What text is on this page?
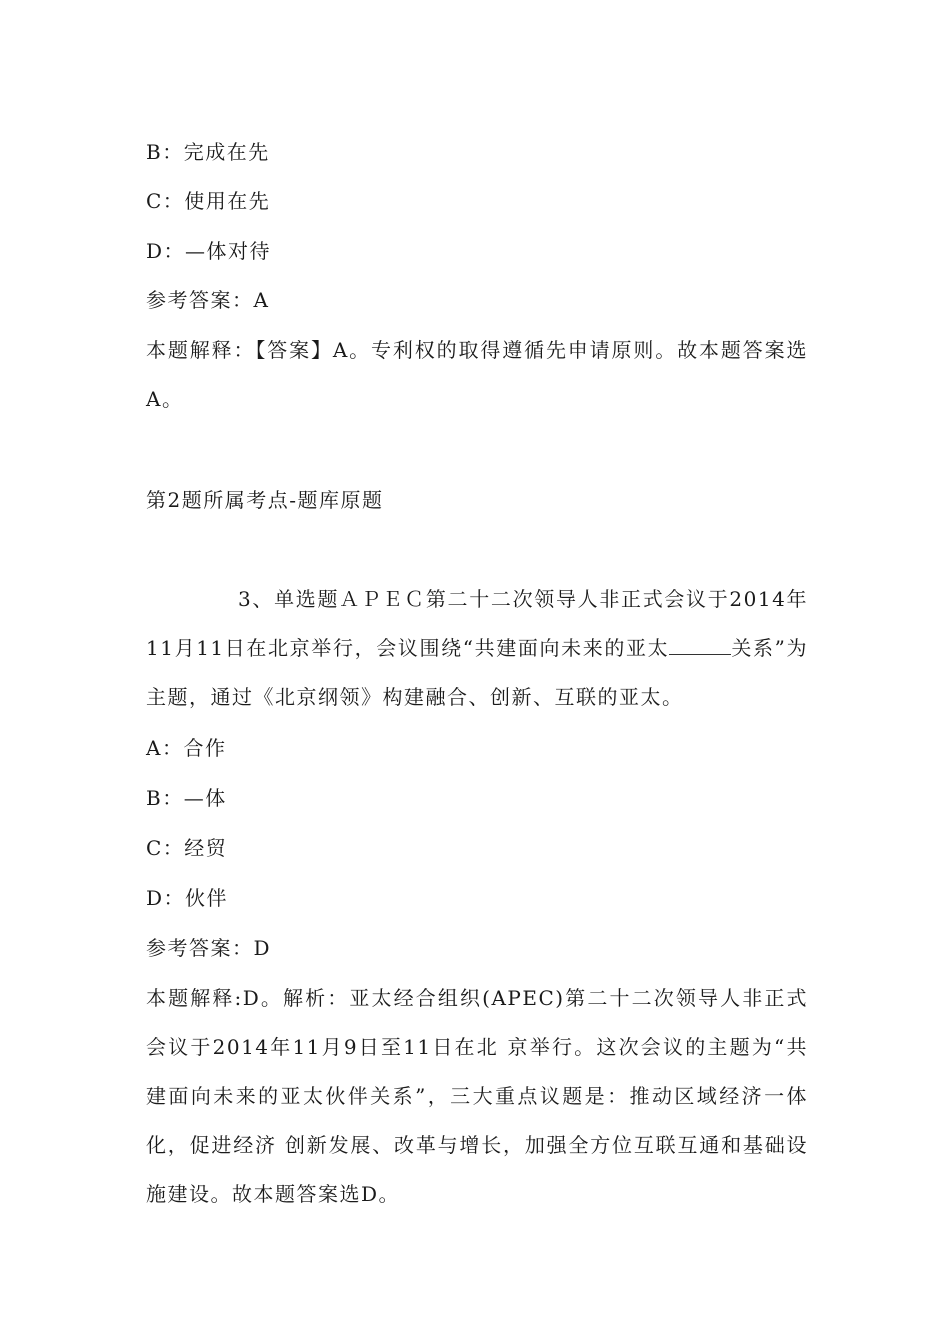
B：完成在先
C：使用在先
D：—体对待
参考答案：A
本题解释：【答案】A。专利权的取得遵循先申请原则。故本题答案选A。
第2题所属考点-题库原题
3、单选题ＡＰＥＣ第二十二次领导人非正式会议于2014年11月11日在北京举行，会议围绕“共建面向未来的亚太	关系”为主题，通过《北京纲领》构建融合、创新、互联的亚太。
A：合作
B：—体
C：经贸
D：伙伴
参考答案：D
本题解释:D。解析：亚太经合组织(APEC)第二十二次领导人非正式会议于2014年11月9日至11日在北 京举行。这次会议的主题为“共建面向未来的亚太伙伴关系”，三大重点议题是：推动区域经济一体化，促进经济 创新发展、改革与增长，加强全方位互联互通和基础设施建设。故本题答案选D。
